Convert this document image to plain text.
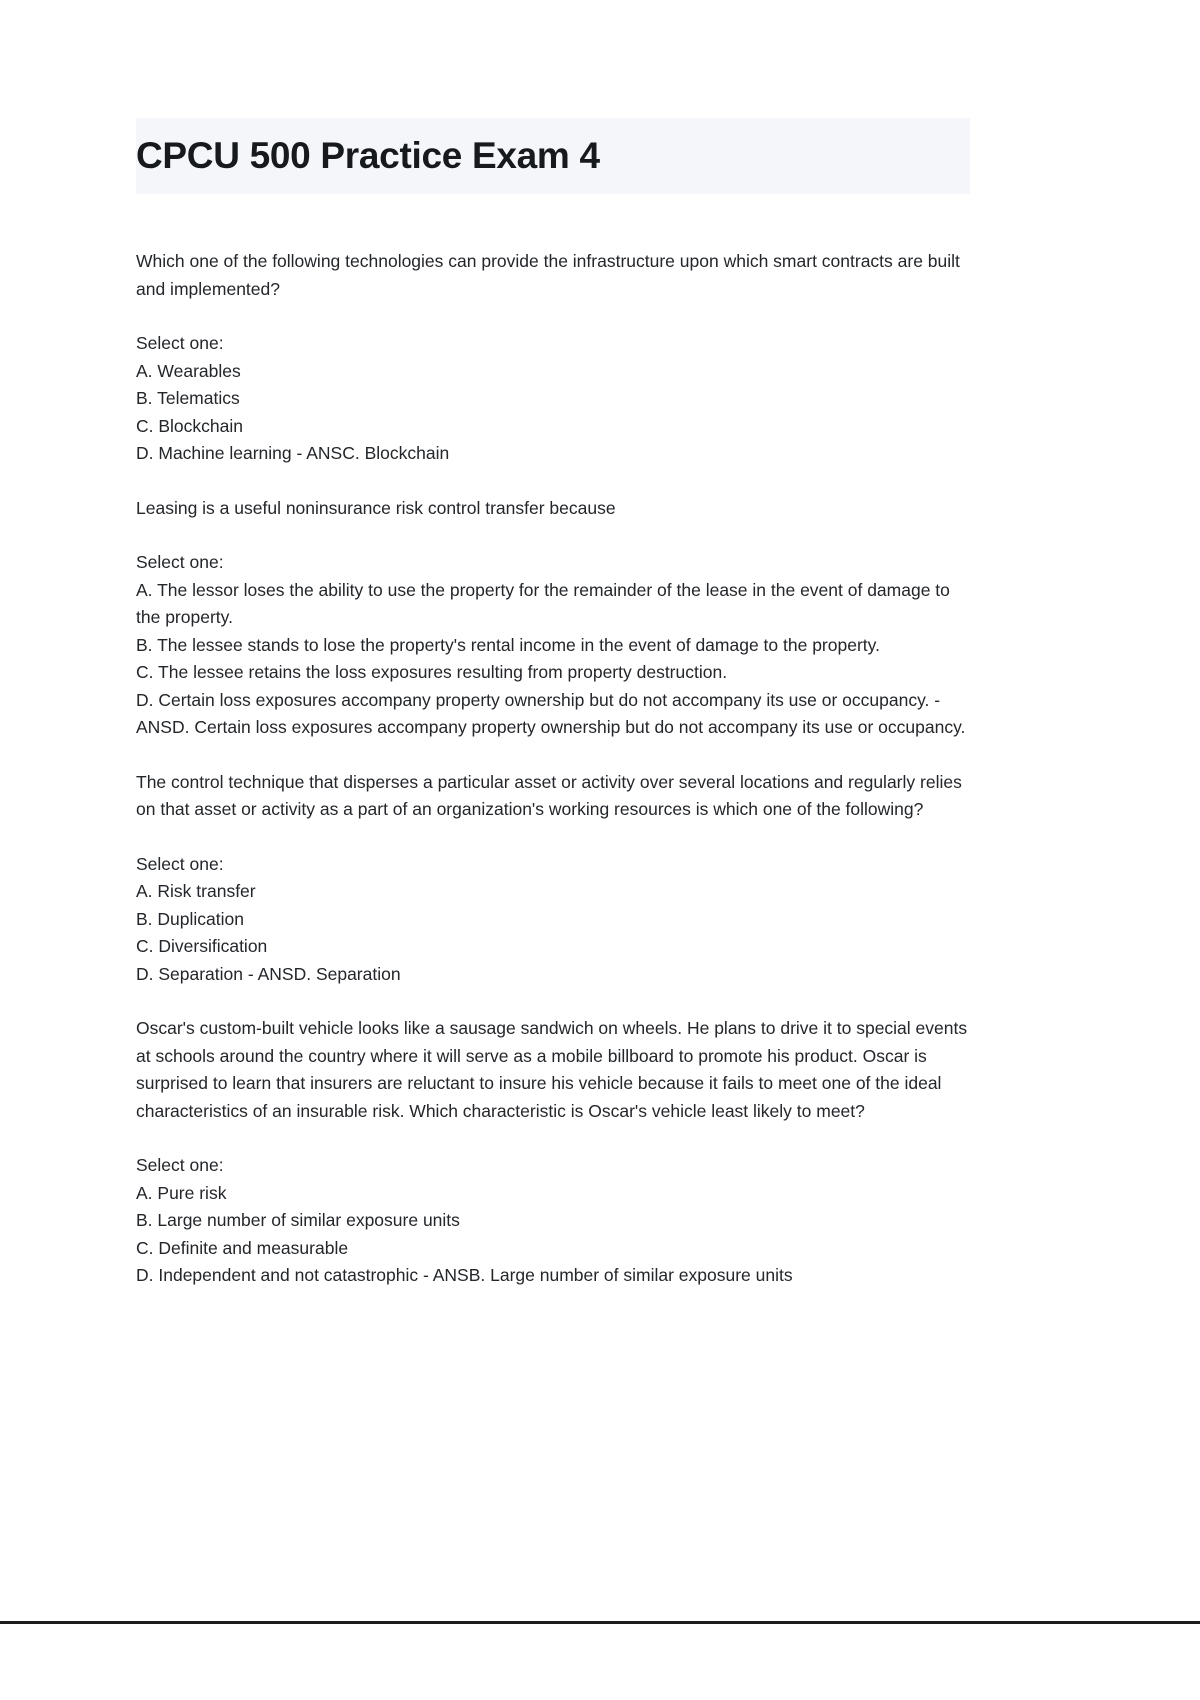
CPCU 500 Practice Exam 4

Which one of the following technologies can provide the infrastructure upon which smart contracts are built and implemented?

Select one:

A. Wearables

B. Telematics

C. Blockchain

D. Machine learning - ANSC. Blockchain

Leasing is a useful noninsurance risk control transfer because

Select one:

A. The lessor loses the ability to use the property for the remainder of the lease in the event of damage to the property.

B. The lessee stands to lose the property's rental income in the event of damage to the property.

C. The lessee retains the loss exposures resulting from property destruction.

D. Certain loss exposures accompany property ownership but do not accompany its use or occupancy. - ANSD. Certain loss exposures accompany property ownership but do not accompany its use or occupancy.

The control technique that disperses a particular asset or activity over several locations and regularly relies on that asset or activity as a part of an organization's working resources is which one of the following?

Select one:

A. Risk transfer

B. Duplication

C. Diversification

D. Separation - ANSD. Separation

Oscar's custom-built vehicle looks like a sausage sandwich on wheels. He plans to drive it to special events at schools around the country where it will serve as a mobile billboard to promote his product. Oscar is surprised to learn that insurers are reluctant to insure his vehicle because it fails to meet one of the ideal characteristics of an insurable risk. Which characteristic is Oscar's vehicle least likely to meet?

Select one:

A. Pure risk

B. Large number of similar exposure units

C. Definite and measurable

D. Independent and not catastrophic - ANSB. Large number of similar exposure units
